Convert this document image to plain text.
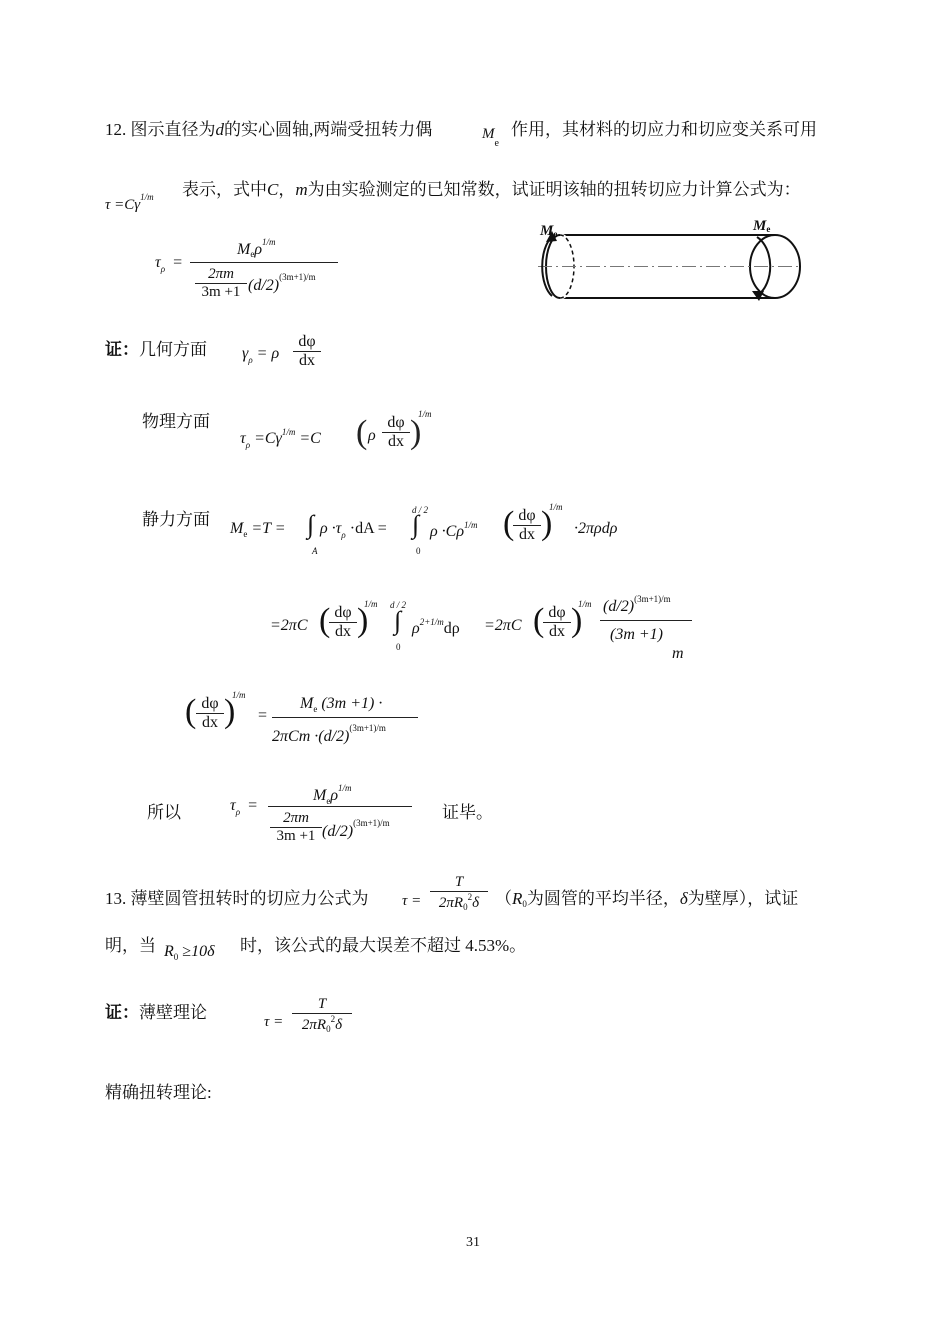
12. 图示直径为d的实心圆轴,两端受扭转力偶	$M_e$
作用，其材料的切应力和切应变关系可用
$\tau =C\gamma^{1/m}$ 表示，式中C，m为由实验测定的已知常数，试证明该轴的扭转切应力计算公式为：
$\tau_\rho$ =
Meρ$^{1/m}$
2πm
3m +1 $(d/2)^{(3m+1)/m}$
Me	Me
证：几何方面 $\gamma_\rho = \rho$
dφ
dx
物理方面
$\tau_\rho =C\gamma^{1/m} =C$ ( ρ
dφ
dx )
1/m
静力方面 $M_e =T$ = ∫
A
$\rho \cdot\tau_\rho \cdot dA$ =
d / 2
∫
0
$\rho \cdot C\rho^{1/m}$ ( dφ
dx )
1/m
·2πρdρ
=2πC ( dφ
dx )
1/m d / 2
∫
0
$\rho^{2+1/m}d\rho =2\pi C$ ( dφ
dx )
1/m $(d/2)^{(3m+1)/m}$
(3m +1)
m
( dφ
dx )
1/m
=
$M_e$ (3m +1) ·
$2\pi Cm \cdot(d/2)^{(3m+1)/m}$
所以	$\tau_\rho$ =
$M_e\rho^{1/m}$
2πm
3m +1 $(d/2)^{(3m+1)/m}$
证毕。
13. 薄壁圆管扭转时的切应力公式为 τ =
T
$2\pi R_0^2\delta$ （R0为圆管的平均半径，δ为壁厚），试证
明，当 $R_0 \ge 10\delta$ 时，该公式的最大误差不超过 4.53%。
证：薄壁理论	τ =
T
$2\pi R_0^2\delta$
精确扭转理论:
31
